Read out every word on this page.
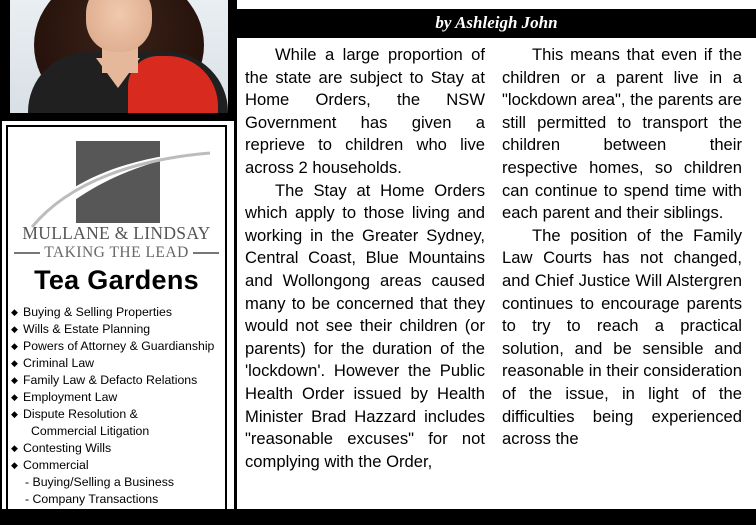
MULLANE & LINDSAY
TAKING THE LEAD
Tea Gardens
◆ Buying & Selling Properties
◆ Wills & Estate Planning
◆ Powers of Attorney & Guardianship
◆ Criminal Law
◆ Family Law & Defacto Relations
◆ Employment Law
◆ Dispute Resolution &
Commercial Litigation
◆ Contesting Wills
◆ Commercial
- Buying/Selling a Business
- Company Transactions
- Leasing
by Ashleigh John

While a large proportion of the state are subject to Stay at Home Orders, the NSW Government has given a reprieve to children who live across 2 households.

The Stay at Home Orders which apply to those living and working in the Greater Sydney, Central Coast, Blue Mountains and Wollongong areas caused many to be concerned that they would not see their children (or parents) for the duration of the 'lockdown'. However the Public Health Order issued by Health Minister Brad Hazzard includes "reasonable excuses" for not complying with the Order,

This means that even if the children or a parent live in a "lockdown area", the parents are still permitted to transport the children between their respective homes, so children can continue to spend time with each parent and their siblings.

The position of the Family Law Courts has not changed, and Chief Justice Will Alstergren continues to encourage parents to try to reach a practical solution, and be sensible and reasonable in their consideration of the issue, in light of the difficulties being experienced across the
